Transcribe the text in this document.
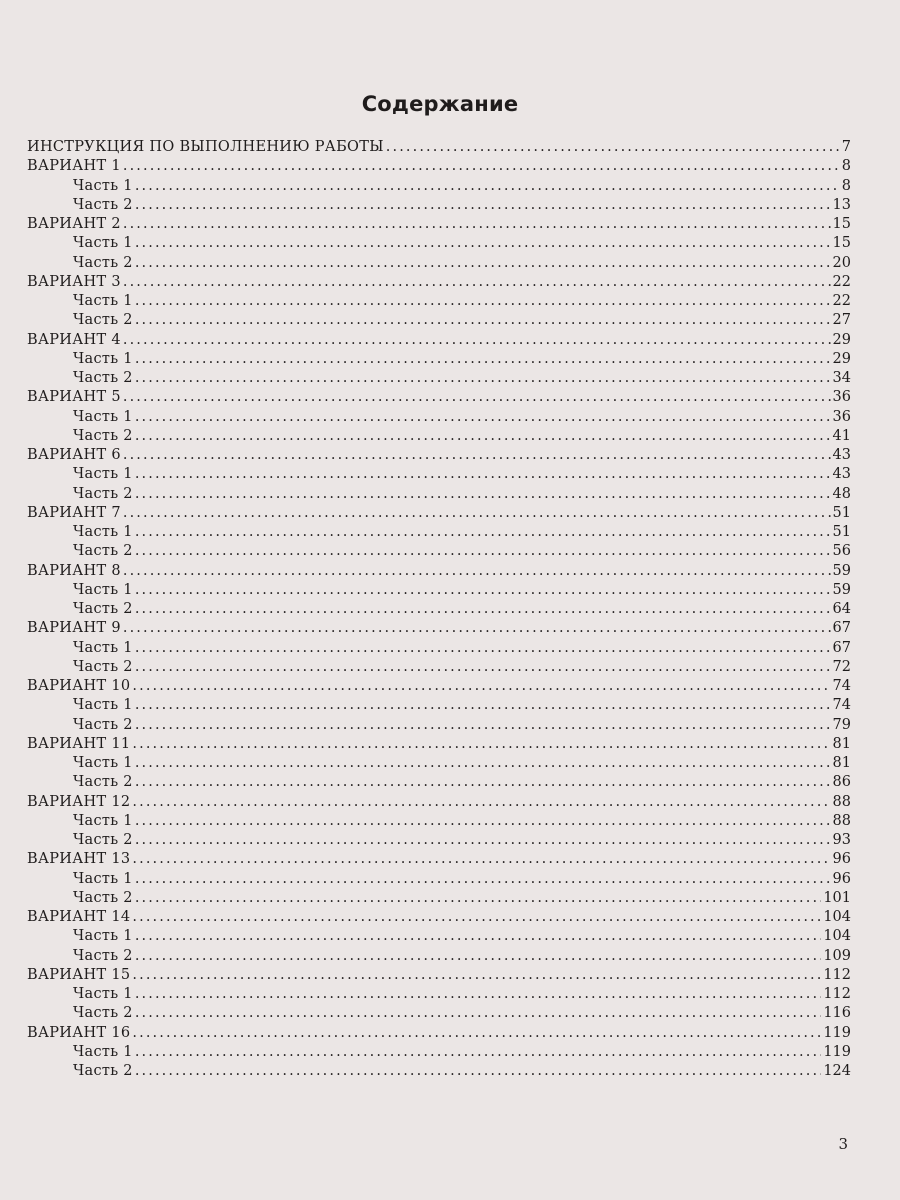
Содержание
ИНСТРУКЦИЯ ПО ВЫПОЛНЕНИЮ РАБОТЫ .....	7
ВАРИАНТ 1 .....	8
Часть 1 .....	8
Часть 2 .....	13
ВАРИАНТ 2 .....	15
Часть 1 .....	15
Часть 2 .....	20
ВАРИАНТ 3 .....	22
Часть 1 .....	22
Часть 2 .....	27
ВАРИАНТ 4 .....	29
Часть 1 .....	29
Часть 2 .....	34
ВАРИАНТ 5 .....	36
Часть 1 .....	36
Часть 2 .....	41
ВАРИАНТ 6 .....	43
Часть 1 .....	43
Часть 2 .....	48
ВАРИАНТ 7 .....	51
Часть 1 .....	51
Часть 2 .....	56
ВАРИАНТ 8 .....	59
Часть 1 .....	59
Часть 2 .....	64
ВАРИАНТ 9 .....	67
Часть 1 .....	67
Часть 2 .....	72
ВАРИАНТ 10 .....	74
Часть 1 .....	74
Часть 2 .....	79
ВАРИАНТ 11 .....	81
Часть 1 .....	81
Часть 2 .....	86
ВАРИАНТ 12 .....	88
Часть 1 .....	88
Часть 2 .....	93
ВАРИАНТ 13 .....	96
Часть 1 .....	96
Часть 2 .....	101
ВАРИАНТ 14 .....	104
Часть 1 .....	104
Часть 2 .....	109
ВАРИАНТ 15 .....	112
Часть 1 .....	112
Часть 2 .....	116
ВАРИАНТ 16 .....	119
Часть 1 .....	119
Часть 2 .....	124
3
